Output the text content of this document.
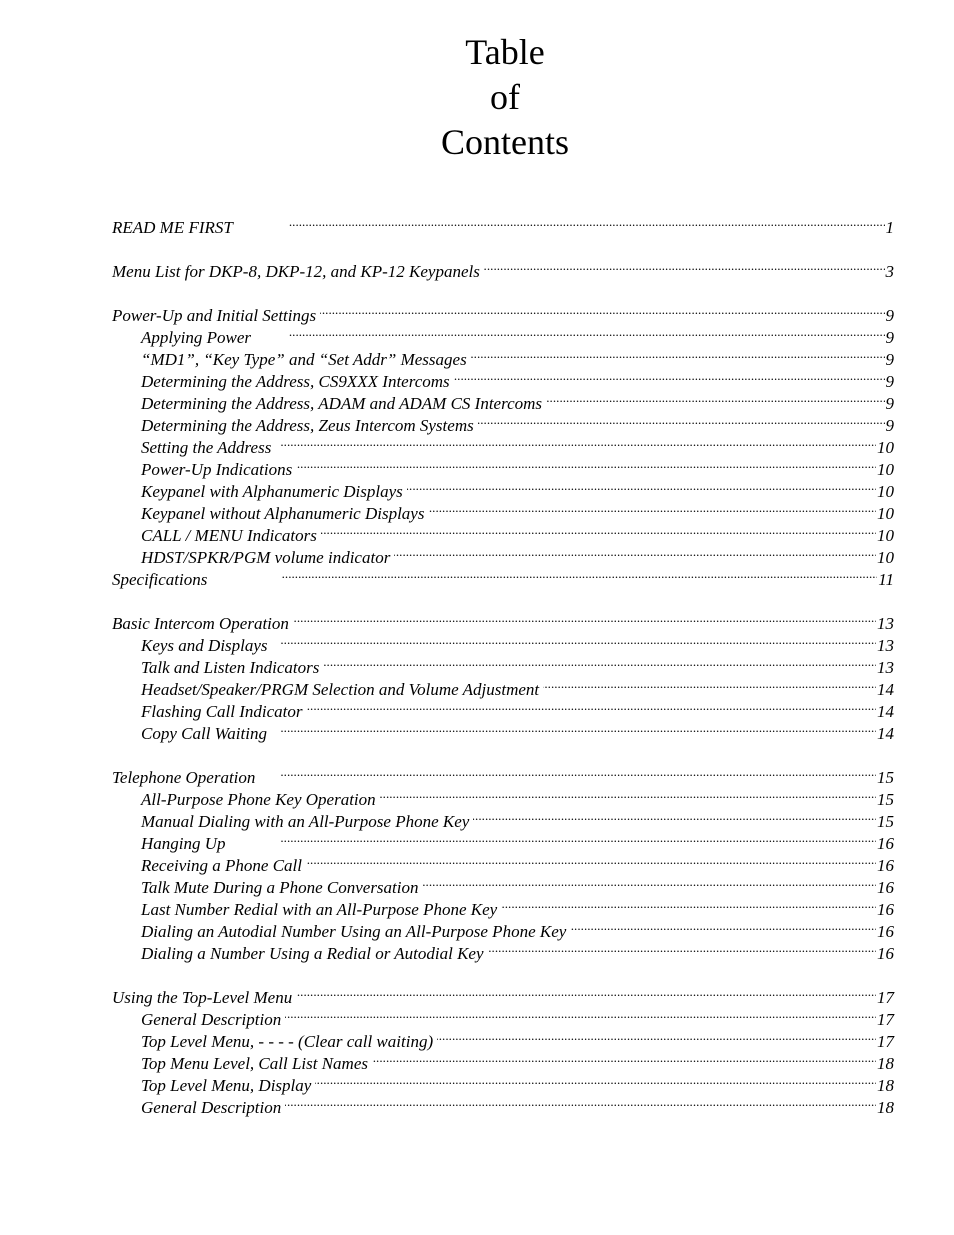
Table
of
Contents
READ ME FIRST . . .	1
Menu List for DKP-8, DKP-12, and KP-12 Keypanels . . .	3
Power-Up and Initial Settings . . .	9
Applying Power . . .	9
“MD1”, “Key Type” and “Set Addr” Messages . . .	9
Determining the Address, CS9XXX Intercoms . . .	9
Determining the Address, ADAM and ADAM CS Intercoms . . .	9
Determining the Address, Zeus Intercom Systems . . .	9
Setting the Address . . .	10
Power-Up Indications . . .	10
Keypanel with Alphanumeric Displays . . .	10
Keypanel without Alphanumeric Displays . . .	10
CALL / MENU Indicators . . .	10
HDST/SPKR/PGM volume indicator . . .	10
Specifications . . .	11
Basic Intercom Operation . . .	13
Keys and Displays . . .	13
Talk and Listen Indicators . . .	13
Headset/Speaker/PRGM Selection and Volume Adjustment . . .	14
Flashing Call Indicator . . .	14
Copy Call Waiting . . .	14
Telephone Operation . . .	15
All-Purpose Phone Key Operation . . .	15
Manual Dialing with an All-Purpose Phone Key . . .	15
Hanging Up . . .	16
Receiving a Phone Call . . .	16
Talk Mute During a Phone Conversation . . .	16
Last Number Redial with an All-Purpose Phone Key . . .	16
Dialing an Autodial Number Using an All-Purpose Phone Key . . .	16
Dialing a Number Using a Redial or Autodial Key . . .	16
Using the Top-Level Menu . . .	17
General Description . . .	17
Top Level Menu, - - - - (Clear call waiting) . . .	17
Top Menu Level, Call List Names . . .	18
Top Level Menu, Display . . .	18
General Description . . .	18
